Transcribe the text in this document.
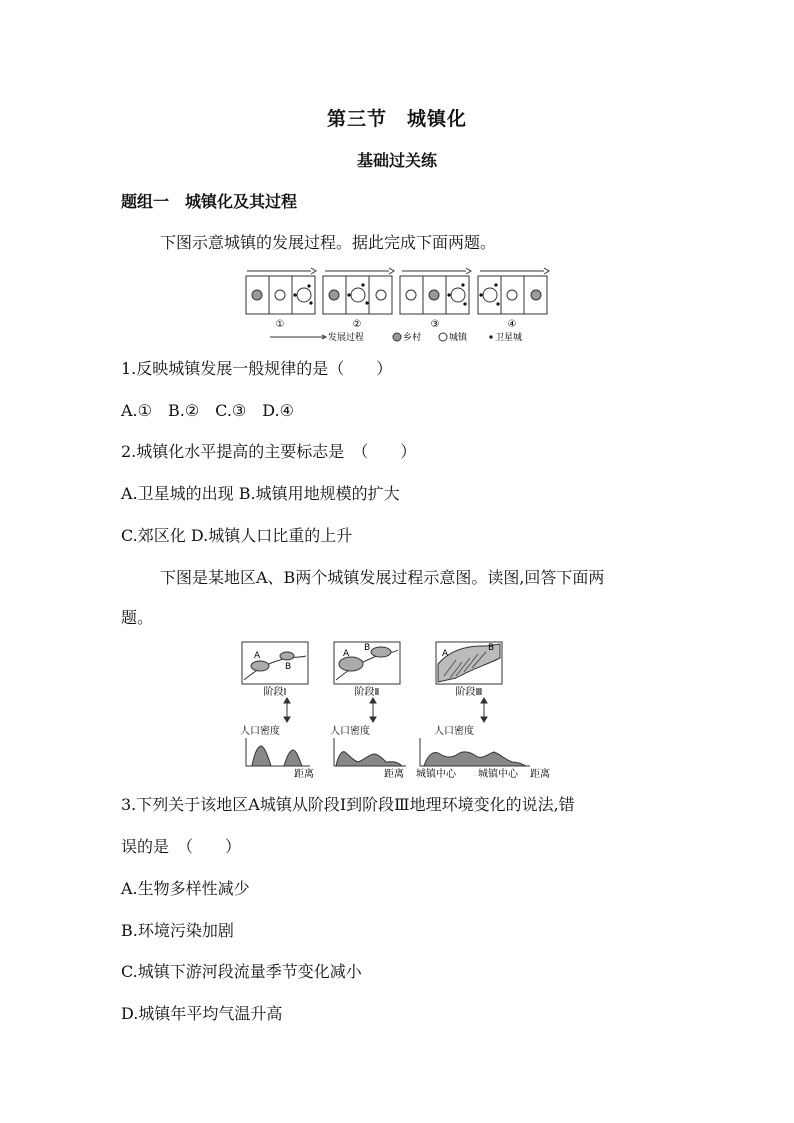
第三节　城镇化
基础过关练
题组一　城镇化及其过程
下图示意城镇的发展过程。据此完成下面两题。
①	②	③	④
发展过程	乡村	城镇	卫星城
1.反映城镇发展一般规律的是（　　）
A.①　B.②　C.③　D.④
2.城镇化水平提高的主要标志是　（　　）
A.卫星城的出现 B.城镇用地规模的扩大
C.郊区化 D.城镇人口比重的上升
下图是某地区A、B两个城镇发展过程示意图。读图,回答下面两
题。
A
B
A
B
A
B
阶段Ⅰ	阶段Ⅱ	阶段Ⅲ
人口密度	人口密度	人口密度
距离	距离 城镇中心 城镇中心 距离
3.下列关于该地区A城镇从阶段Ⅰ到阶段Ⅲ地理环境变化的说法,错
误的是　（　　）
A.生物多样性减少
B.环境污染加剧
C.城镇下游河段流量季节变化减小
D.城镇年平均气温升高
